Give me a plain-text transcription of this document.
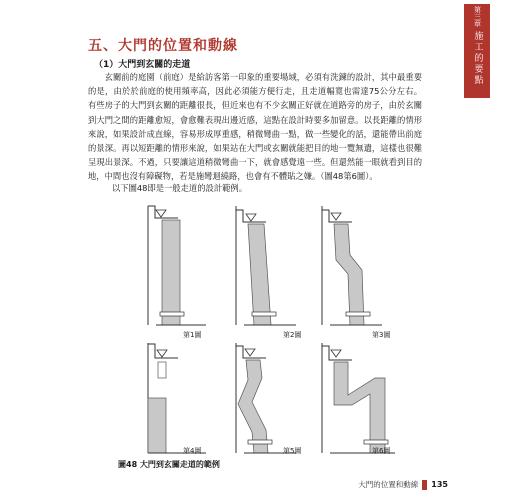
第三章
施工的要點
五、大門的位置和動線
（1）大門到玄關的走道

玄關前的庭園（前庭）是給訪客第一印象的重要場域，必須有洗鍊的設計，其中最重要的是，由於於前庭的使用頻率高，因此必須能方便行走，且走道幅寬也需達75公分左右。有些房子的大門到玄關的距離很長，但近來也有不少玄關正好就在道路旁的房子，由於玄關到大門之間的距離愈短，會愈難表現出邊近感，這點在設計時要多加留意。以長距離的情形來說，如果設計成直線，容易形成厚重感，稍微彎曲一點，做一些變化的話，還能帶出前庭的景深。再以短距離的情形來說，如果站在大門或玄關就能把目的地一覽無遺，這樣也很難呈現出景深。不過，只要讓這道稍微彎曲一下，就會感覺遠一些。但還然能一眼就看到目的地，中間也沒有障礙物，若是施彎迴繞路，也會有不體貼之嫌。（圖48第6圖）。

以下圖48即是一般走道的設計範例。
第1圖	第2圖	第3圖
第4圖	第5圖	第6圖
圖48 大門到玄關走道的範例
大門的位置和動線 135
